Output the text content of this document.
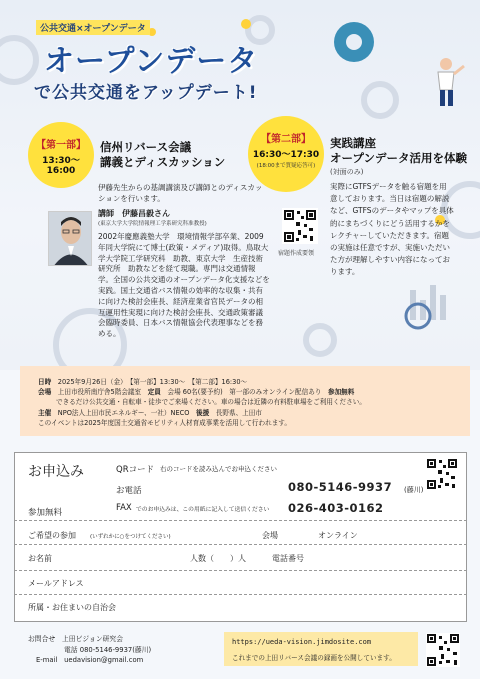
公共交通×オープンデータ
オープンデータ
で公共交通をアップデート!
【第一部】
13:30～16:00
信州リバース会議
講義とディスカッション
伊藤先生からの基調講演及び講師とのディスカッションを行います。
講師　伊藤昌毅さん
(東京大学大学院情報理工学系研究科准教授)
2002年慶應義塾大学　環境情報学部卒業、2009年同大学院にて博士(政策・メディア)取得。鳥取大学大学院工学研究科　助教、東京大学　生産技術研究所　助教などを経て現職。専門は交通情報学。全国の公共交通のオープンデータ化支援などを実践。国土交通省バス情報の効率的な収集・共有に向けた検討会座長、経済産業省官民データの相互運用性実現に向けた検討会座長、交通政策審議会臨時委員、日本バス情報協会代表理事などを務める。
【第二部】
16:30～17:30
(18:00まで質疑応答可)
実践講座
オープンデータ活用を体験
(対面のみ)
実際にGTFSデータを触る宿題を用意しております。当日は宿題の解説など、GTFSのデータやマップを具体的にまちづくりにどう活用するかをレクチャーしていただきます。宿題の実施は任意ですが、実施いただいた方が理解しやすい内容になっております。
宿題作成要領
日時　 2025年9月26日（金）　【第一部】13:30～　【第二部】16:30～
会場　 上田市役所南庁舎5階会議室　 定員　 会場 60名(要予約)　第一部のみオンライン配信あり　 参加無料
できるだけ公共交通・自転車・徒歩でご来場ください。車の場合は近隣の有料駐車場をご利用ください。
主催　 NPO法人上田市民エネルギー、一社）NECO　 後援　 長野県、上田市
このイベントは2025年度国土交通省モビリティ人材育成事業を活用して行われます。
お申込み	QRコード 右のコードを読み込んでお申込ください
お電話	080-5146-9937 (藤川)
FAX でのお申込みは、この用紙に記入して送信ください 026-403-0162
参加無料
ご希望の参加	(いずれかに○をつけてください)	会場	オンライン
お名前	人数（　　）人	電話番号
メールアドレス
所属・お住まいの自治会
お問合せ　 上田ビジョン研究会
電話 080-5146-9937(藤川)
E-mail　uedavision@gmail.com
https://ueda-vision.jimdosite.com
これまでの上田リバース会議の録画を公開しています。
